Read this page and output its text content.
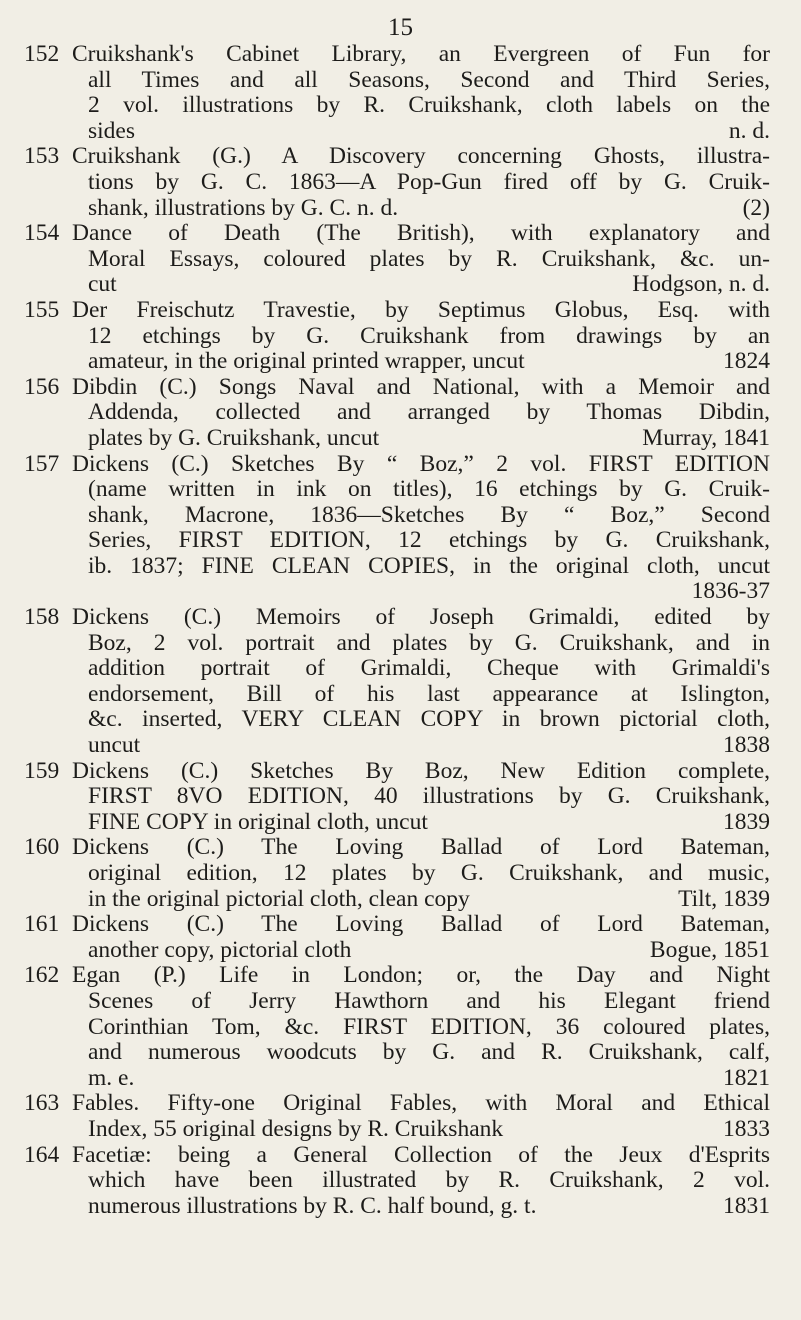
15
152 Cruikshank's Cabinet Library, an Evergreen of Fun for
all Times and all Seasons, Second and Third Series,
2 vol. illustrations by R. Cruikshank, cloth labels on the
sides	n. d.
153 Cruikshank (G.) A Discovery concerning Ghosts, illustra-
tions by G. C. 1863—A Pop-Gun fired off by G. Cruik-
shank, illustrations by G. C. n. d.	(2)
154 Dance of Death (The British), with explanatory and
Moral Essays, coloured plates by R. Cruikshank, &c. un-
cut	Hodgson, n. d.
155 Der Freischutz Travestie, by Septimus Globus, Esq. with
12 etchings by G. Cruikshank from drawings by an
amateur, in the original printed wrapper, uncut	1824
156 Dibdin (C.) Songs Naval and National, with a Memoir and
Addenda, collected and arranged by Thomas Dibdin,
plates by G. Cruikshank, uncut	Murray, 1841
157 Dickens (C.) Sketches By “ Boz,” 2 vol. FIRST EDITION
(name written in ink on titles), 16 etchings by G. Cruik-
shank, Macrone, 1836—Sketches By “ Boz,” Second
Series, FIRST EDITION, 12 etchings by G. Cruikshank,
ib. 1837; FINE CLEAN COPIES, in the original cloth, uncut
1836-37
158 Dickens (C.) Memoirs of Joseph Grimaldi, edited by
Boz, 2 vol. portrait and plates by G. Cruikshank, and in
addition portrait of Grimaldi, Cheque with Grimaldi's
endorsement, Bill of his last appearance at Islington,
&c. inserted, VERY CLEAN COPY in brown pictorial cloth,
uncut	1838
159 Dickens (C.) Sketches By Boz, New Edition complete,
FIRST 8VO EDITION, 40 illustrations by G. Cruikshank,
FINE COPY in original cloth, uncut	1839
160 Dickens (C.) The Loving Ballad of Lord Bateman,
original edition, 12 plates by G. Cruikshank, and music,
in the original pictorial cloth, clean copy	Tilt, 1839
161 Dickens (C.) The Loving Ballad of Lord Bateman,
another copy, pictorial cloth	Bogue, 1851
162 Egan (P.) Life in London; or, the Day and Night
Scenes of Jerry Hawthorn and his Elegant friend
Corinthian Tom, &c. FIRST EDITION, 36 coloured plates,
and numerous woodcuts by G. and R. Cruikshank, calf,
m. e.	1821
163 Fables. Fifty-one Original Fables, with Moral and Ethical
Index, 55 original designs by R. Cruikshank	1833
164 Facetiæ: being a General Collection of the Jeux d'Esprits
which have been illustrated by R. Cruikshank, 2 vol.
numerous illustrations by R. C. half bound, g. t.	1831
